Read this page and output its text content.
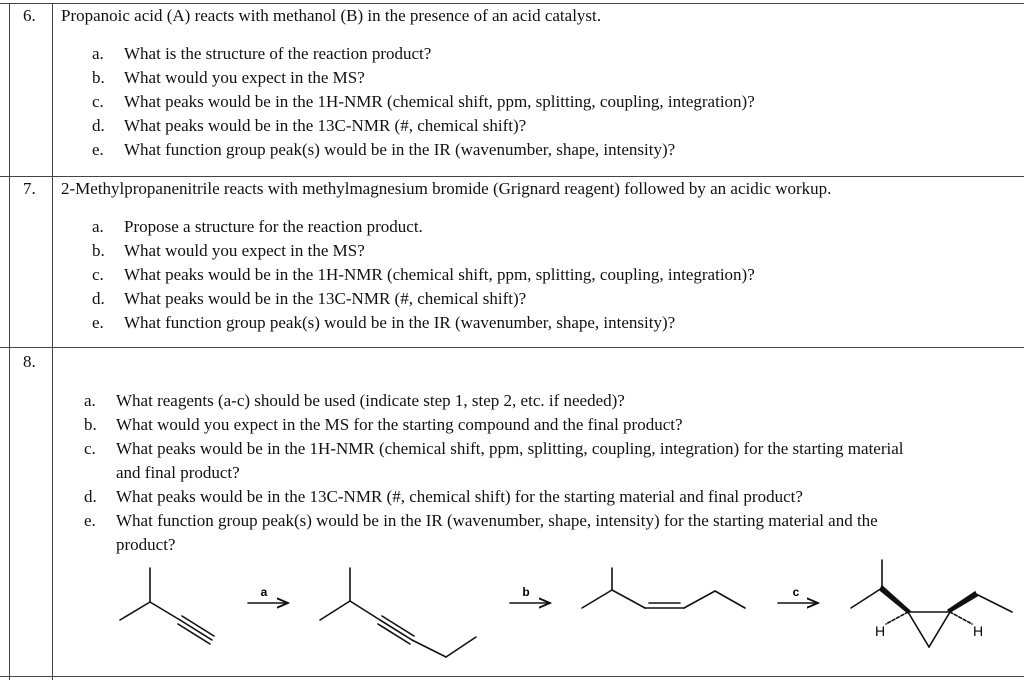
6. Propanoic acid (A) reacts with methanol (B) in the presence of an acid catalyst.
a.	What is the structure of the reaction product?
b.	What would you expect in the MS?
c.	What peaks would be in the 1H-NMR (chemical shift, ppm, splitting, coupling, integration)?
d.	What peaks would be in the 13C-NMR (#, chemical shift)?
e.	What function group peak(s) would be in the IR (wavenumber, shape, intensity)?
7. 2-Methylpropanenitrile reacts with methylmagnesium bromide (Grignard reagent) followed by an acidic workup.
a.	Propose a structure for the reaction product.
b.	What would you expect in the MS?
c.	What peaks would be in the 1H-NMR (chemical shift, ppm, splitting, coupling, integration)?
d.	What peaks would be in the 13C-NMR (#, chemical shift)?
e.	What function group peak(s) would be in the IR (wavenumber, shape, intensity)?
8.
a.	What reagents (a-c) should be used (indicate step 1, step 2, etc. if needed)?
b.	What would you expect in the MS for the starting compound and the final product?
c.	What peaks would be in the 1H-NMR (chemical shift, ppm, splitting, coupling, integration) for the starting material
and final product?
d.	What peaks would be in the 13C-NMR (#, chemical shift) for the starting material and final product?
e.	What function group peak(s) would be in the IR (wavenumber, shape, intensity) for the starting material and the
product?
a	b	c
H	H
